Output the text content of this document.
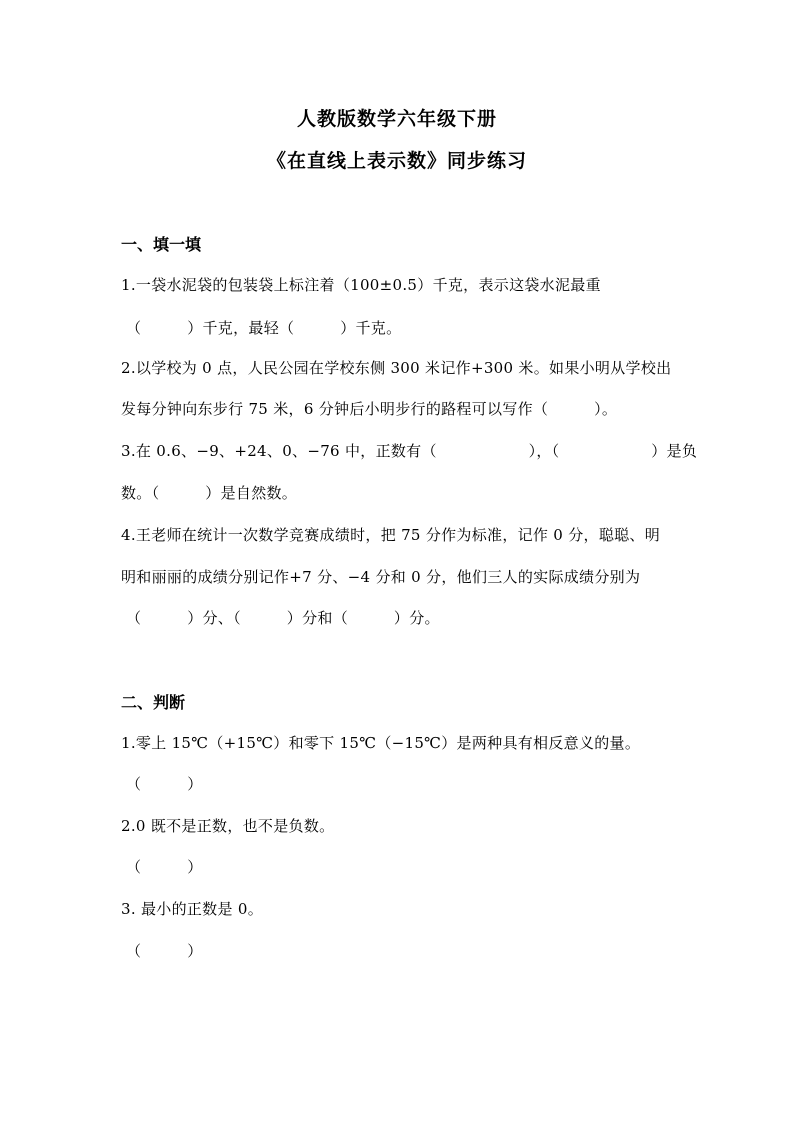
人教版数学六年级下册
《在直线上表示数》同步练习
一、填一填
1.一袋水泥袋的包装袋上标注着（100±0.5）千克，表示这袋水泥最重
（　　　）千克，最轻（　　　）千克。
2.以学校为 0 点，人民公园在学校东侧 300 米记作+300 米。如果小明从学校出
发每分钟向东步行 75 米，6 分钟后小明步行的路程可以写作（　　　）。
3.在 0.6、−9、+24、0、−76 中，正数有（　　　　　　），（　　　　　　）是负
数。（　　　）是自然数。
4.王老师在统计一次数学竞赛成绩时，把 75 分作为标准，记作 0 分，聪聪、明
明和丽丽的成绩分别记作+7 分、−4 分和 0 分，他们三人的实际成绩分别为
（　　　）分、（　　　）分和（　　　）分。
二、判断
1.零上 15℃（+15℃）和零下 15℃（−15℃）是两种具有相反意义的量。
（　　　）
2.0 既不是正数，也不是负数。
（　　　）
3. 最小的正数是 0。
（　　　）
